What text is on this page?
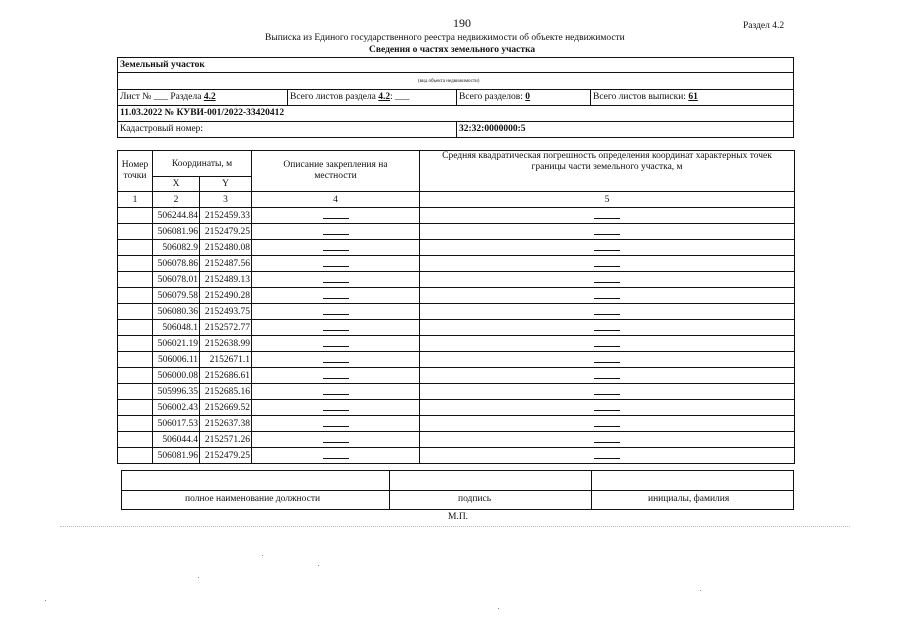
190	Раздел 4.2
Выписка из Единого государственного реестра недвижимости об объекте недвижимости
Сведения о частях земельного участка
Земельный участок
(вид объекта недвижимости)
Лист № ___ Раздела 4.2	Всего листов раздела 4.2: ___	Всего разделов: 0	Всего листов выписки: 61
11.03.2022 № КУВИ-001/2022-33420412
Кадастровый номер:	32:32:0000000:5
Номер точки	Координаты, м		Описание закрепления на местности	Средняя квадратическая погрешность определения координат характерных точек границы части земельного участка, м
	X	Y		
1	2	3	4	5
	506244.84	2152459.33		
	506081.96	2152479.25		
	506082.9	2152480.08		
	506078.86	2152487.56		
	506078.01	2152489.13		
	506079.58	2152490.28		
	506080.36	2152493.75		
	506048.1	2152572.77		
	506021.19	2152638.99		
	506006.11	2152671.1		
	506000.08	2152686.61		
	505996.35	2152685.16		
	506002.43	2152669.52		
	506017.53	2152637.38		
	506044.4	2152571.26		
	506081.96	2152479.25		
полное наименование должности	подпись	инициалы, фамилия
М.П.
